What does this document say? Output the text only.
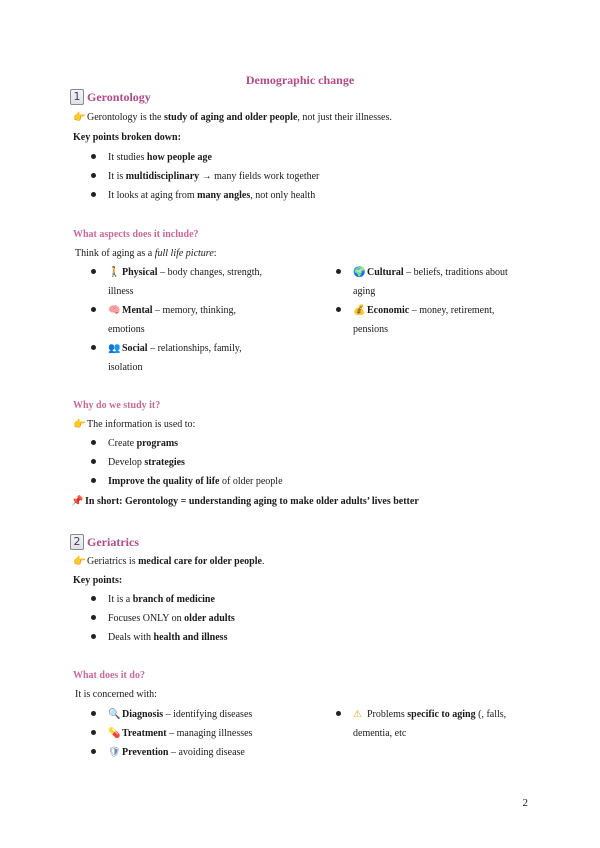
Demographic change
1 Gerontology
👉 Gerontology is the study of aging and older people, not just their illnesses.
Key points broken down:
It studies how people age
It is multidisciplinary → many fields work together
It looks at aging from many angles, not only health
What aspects does it include?
Think of aging as a full life picture:
🚶 Physical – body changes, strength,
illness
🧠 Mental – memory, thinking,
emotions
👥 Social – relationships, family,
isolation
🌍 Cultural – beliefs, traditions about
aging
💰 Economic – money, retirement,
pensions
Why do we study it?
👉 The information is used to:
Create programs
Develop strategies
Improve the quality of life of older people
📌 In short: Gerontology = understanding aging to make older adults’ lives better
2 Geriatrics
👉 Geriatrics is medical care for older people.
Key points:
It is a branch of medicine
Focuses ONLY on older adults
Deals with health and illness
What does it do?
It is concerned with:
🔍 Diagnosis – identifying diseases
💊 Treatment – managing illnesses
🛡Prevention – avoiding disease
⚠ Problems specific to aging (, falls,
dementia, etc
2
